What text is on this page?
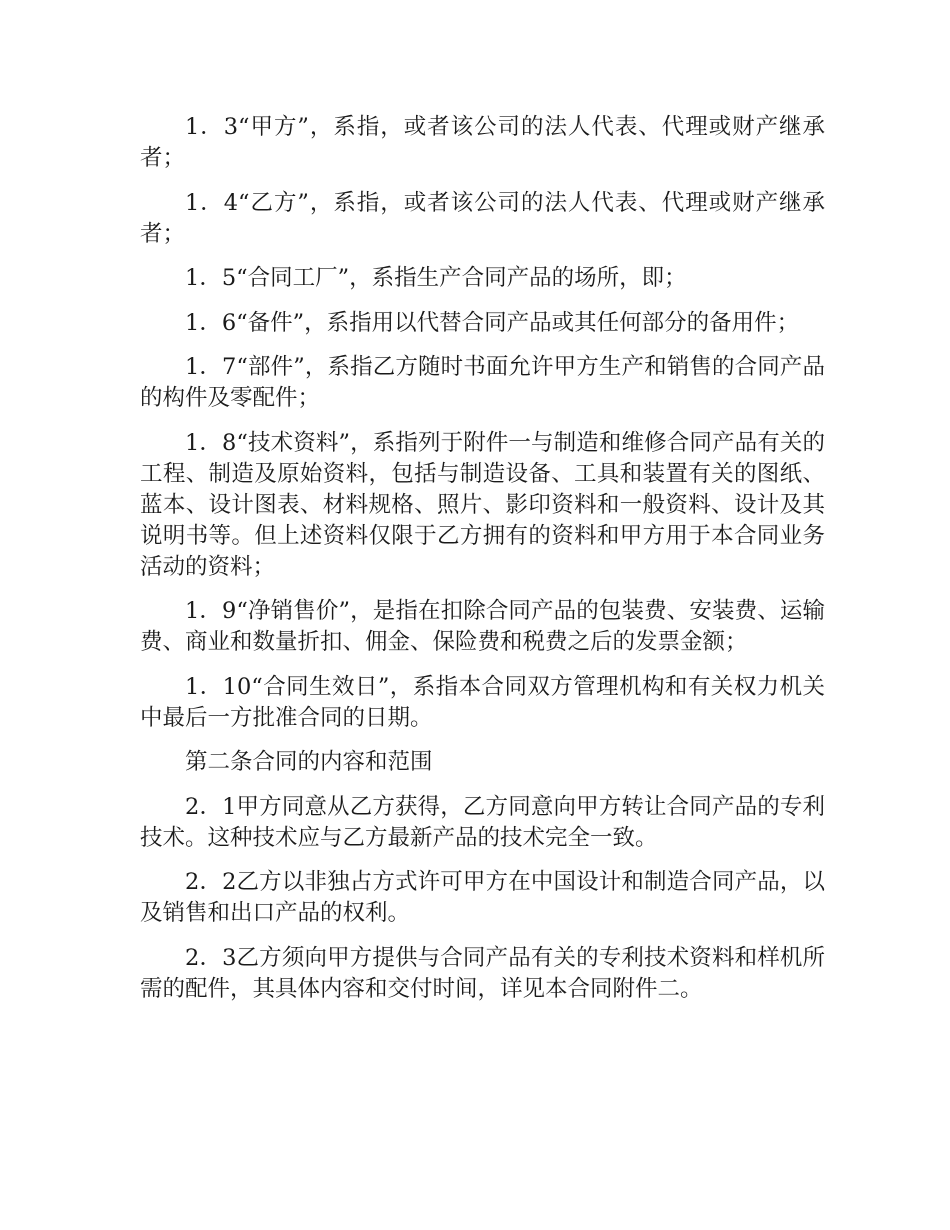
1．3“甲方”，系指，或者该公司的法人代表、代理或财产继承者；

1．4“乙方”，系指，或者该公司的法人代表、代理或财产继承者；

1．5“合同工厂”，系指生产合同产品的场所，即；

1．6“备件”，系指用以代替合同产品或其任何部分的备用件；

1．7“部件”，系指乙方随时书面允许甲方生产和销售的合同产品的构件及零配件；

1．8“技术资料”，系指列于附件一与制造和维修合同产品有关的工程、制造及原始资料，包括与制造设备、工具和装置有关的图纸、蓝本、设计图表、材料规格、照片、影印资料和一般资料、设计及其说明书等。但上述资料仅限于乙方拥有的资料和甲方用于本合同业务活动的资料；

1．9“净销售价”，是指在扣除合同产品的包装费、安装费、运输费、商业和数量折扣、佣金、保险费和税费之后的发票金额；

1．10“合同生效日”，系指本合同双方管理机构和有关权力机关中最后一方批准合同的日期。

第二条合同的内容和范围

2．1甲方同意从乙方获得，乙方同意向甲方转让合同产品的专利技术。这种技术应与乙方最新产品的技术完全一致。

2．2乙方以非独占方式许可甲方在中国设计和制造合同产品，以及销售和出口产品的权利。

2．3乙方须向甲方提供与合同产品有关的专利技术资料和样机所需的配件，其具体内容和交付时间，详见本合同附件二。
